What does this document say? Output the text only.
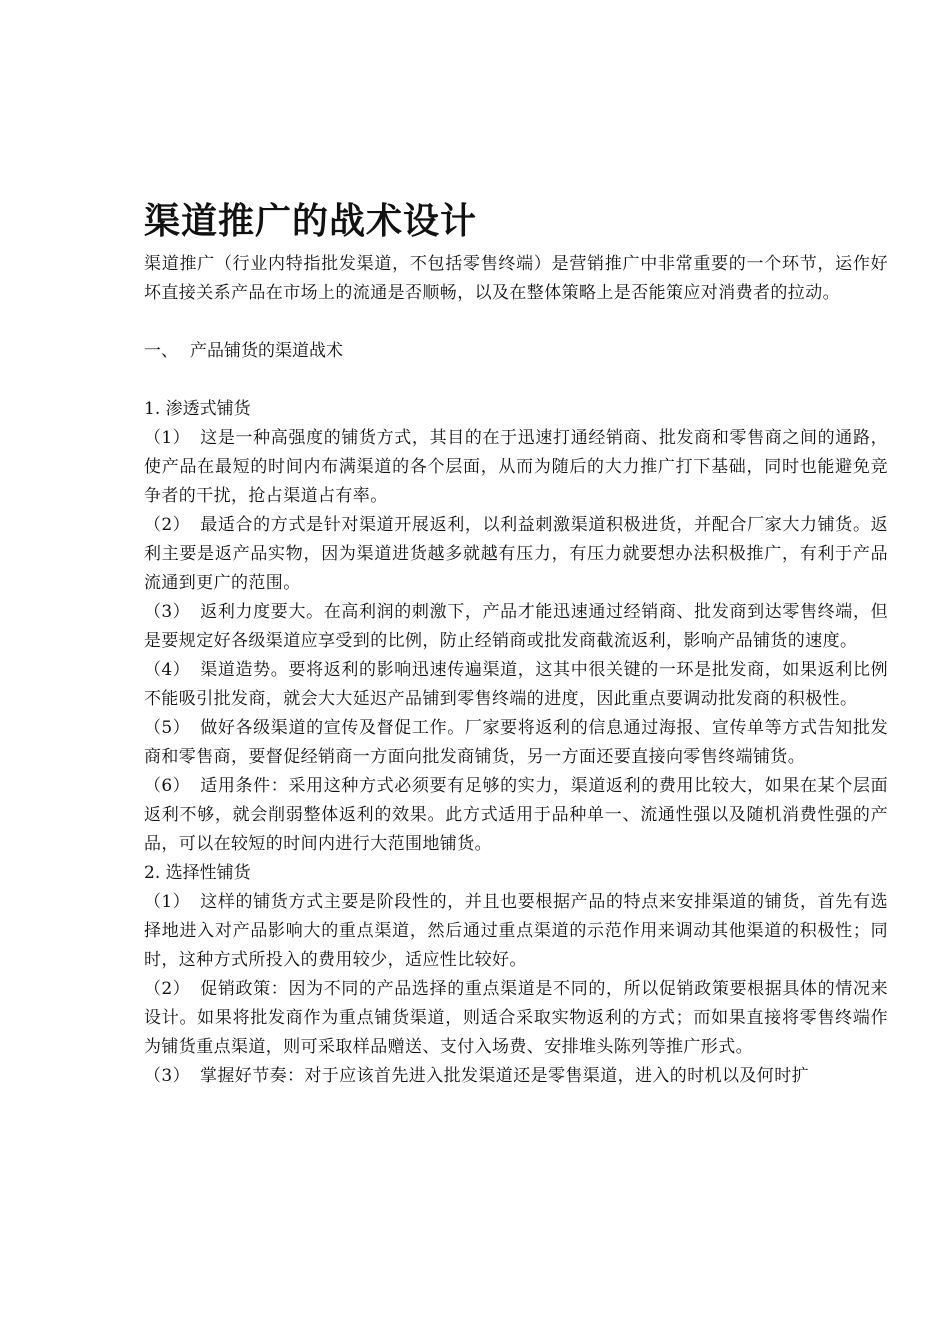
渠道推广的战术设计

渠道推广（行业内特指批发渠道，不包括零售终端）是营销推广中非常重要的一个环节，运作好坏直接关系产品在市场上的流通是否顺畅，以及在整体策略上是否能策应对消费者的拉动。

一、 产品铺货的渠道战术

1. 渗透式铺货

（1） 这是一种高强度的铺货方式，其目的在于迅速打通经销商、批发商和零售商之间的通路，使产品在最短的时间内布满渠道的各个层面，从而为随后的大力推广打下基础，同时也能避免竞争者的干扰，抢占渠道占有率。

（2） 最适合的方式是针对渠道开展返利，以利益刺激渠道积极进货，并配合厂家大力铺货。返利主要是返产品实物，因为渠道进货越多就越有压力，有压力就要想办法积极推广，有利于产品流通到更广的范围。

（3） 返利力度要大。在高利润的刺激下，产品才能迅速通过经销商、批发商到达零售终端，但是要规定好各级渠道应享受到的比例，防止经销商或批发商截流返利，影响产品铺货的速度。

（4） 渠道造势。要将返利的影响迅速传遍渠道，这其中很关键的一环是批发商，如果返利比例不能吸引批发商，就会大大延迟产品铺到零售终端的进度，因此重点要调动批发商的积极性。

（5） 做好各级渠道的宣传及督促工作。厂家要将返利的信息通过海报、宣传单等方式告知批发商和零售商，要督促经销商一方面向批发商铺货，另一方面还要直接向零售终端铺货。

（6） 适用条件：采用这种方式必须要有足够的实力，渠道返利的费用比较大，如果在某个层面返利不够，就会削弱整体返利的效果。此方式适用于品种单一、流通性强以及随机消费性强的产品，可以在较短的时间内进行大范围地铺货。

2. 选择性铺货

（1） 这样的铺货方式主要是阶段性的，并且也要根据产品的特点来安排渠道的铺货，首先有选择地进入对产品影响大的重点渠道，然后通过重点渠道的示范作用来调动其他渠道的积极性；同时，这种方式所投入的费用较少，适应性比较好。

（2） 促销政策：因为不同的产品选择的重点渠道是不同的，所以促销政策要根据具体的情况来设计。如果将批发商作为重点铺货渠道，则适合采取实物返利的方式；而如果直接将零售终端作为铺货重点渠道，则可采取样品赠送、支付入场费、安排堆头陈列等推广形式。

（3） 掌握好节奏：对于应该首先进入批发渠道还是零售渠道，进入的时机以及何时扩
